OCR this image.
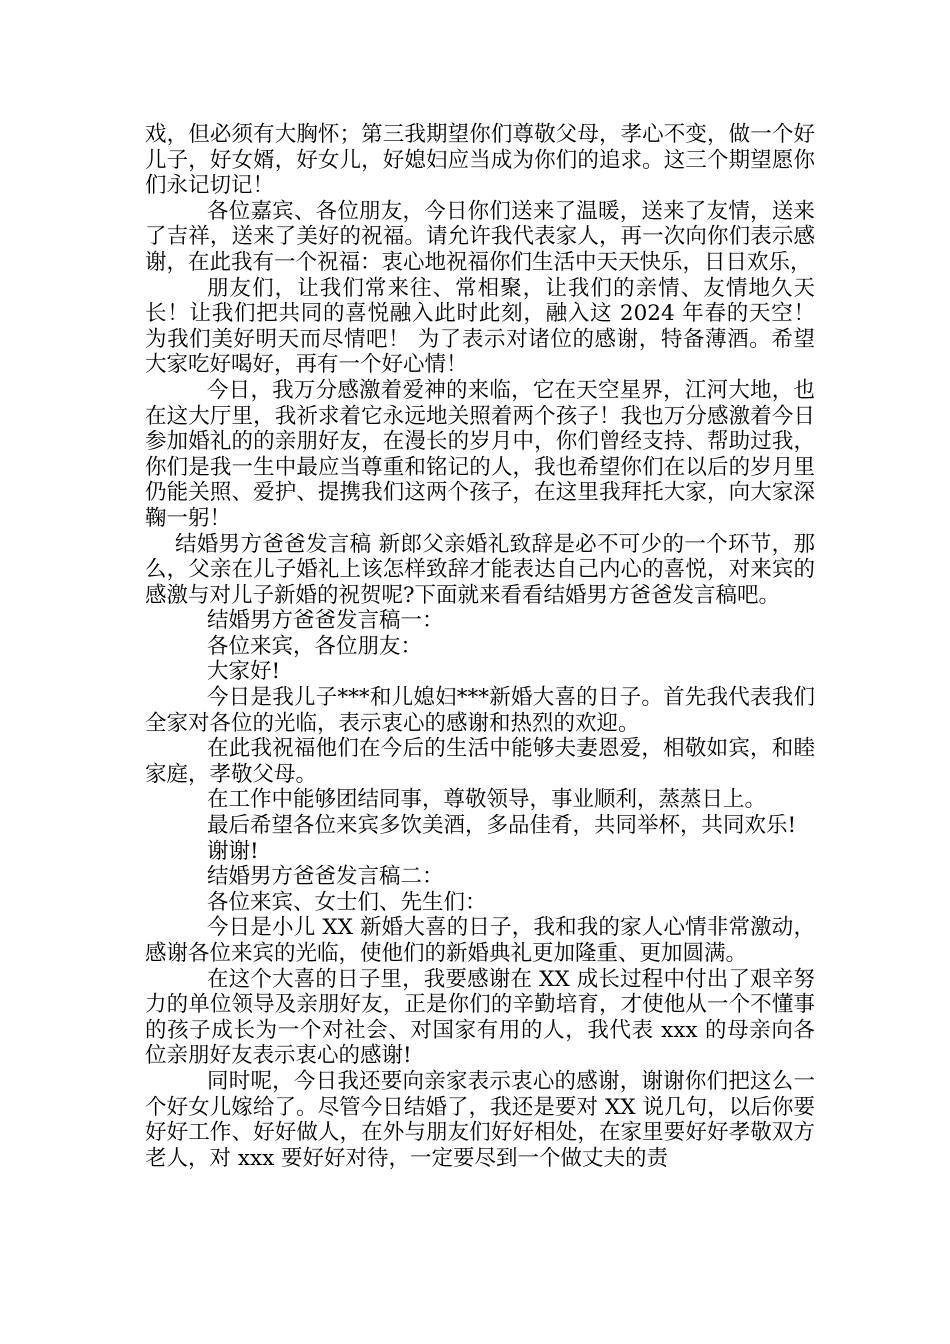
戏，但必须有大胸怀；第三我期望你们尊敬父母，孝心不变，做一个好儿子，好女婿，好女儿，好媳妇应当成为你们的追求。这三个期望愿你们永记切记！

各位嘉宾、各位朋友，今日你们送来了温暖，送来了友情，送来了吉祥，送来了美好的祝福。请允许我代表家人，再一次向你们表示感谢，在此我有一个祝福：衷心地祝福你们生活中天天快乐，日日欢乐，

朋友们，让我们常来往、常相聚，让我们的亲情、友情地久天长！让我们把共同的喜悦融入此时此刻，融入这 2024 年春的天空！为我们美好明天而尽情吧！ 为了表示对诸位的感谢，特备薄酒。希望大家吃好喝好，再有一个好心情！

今日，我万分感激着爱神的来临，它在天空星界，江河大地，也在这大厅里，我祈求着它永远地关照着两个孩子！我也万分感激着今日参加婚礼的的亲朋好友，在漫长的岁月中，你们曾经支持、帮助过我，你们是我一生中最应当尊重和铭记的人，我也希望你们在以后的岁月里仍能关照、爱护、提携我们这两个孩子，在这里我拜托大家，向大家深鞠一躬！

结婚男方爸爸发言稿 新郎父亲婚礼致辞是必不可少的一个环节，那么，父亲在儿子婚礼上该怎样致辞才能表达自己内心的喜悦，对来宾的感激与对儿子新婚的祝贺呢?下面就来看看结婚男方爸爸发言稿吧。

结婚男方爸爸发言稿一：

各位来宾，各位朋友：

大家好!

今日是我儿子***和儿媳妇***新婚大喜的日子。首先我代表我们全家对各位的光临，表示衷心的感谢和热烈的欢迎。

在此我祝福他们在今后的生活中能够夫妻恩爱，相敬如宾，和睦家庭，孝敬父母。

在工作中能够团结同事，尊敬领导，事业顺利，蒸蒸日上。

最后希望各位来宾多饮美酒，多品佳肴，共同举杯，共同欢乐!

谢谢!

结婚男方爸爸发言稿二：

各位来宾、女士们、先生们：

今日是小儿 XX 新婚大喜的日子，我和我的家人心情非常激动，感谢各位来宾的光临，使他们的新婚典礼更加隆重、更加圆满。

在这个大喜的日子里，我要感谢在 XX 成长过程中付出了艰辛努力的单位领导及亲朋好友，正是你们的辛勤培育，才使他从一个不懂事的孩子成长为一个对社会、对国家有用的人，我代表 xxx 的母亲向各位亲朋好友表示衷心的感谢!

同时呢，今日我还要向亲家表示衷心的感谢，谢谢你们把这么一个好女儿嫁给了。尽管今日结婚了，我还是要对 XX 说几句，以后你要好好工作、好好做人，在外与朋友们好好相处，在家里要好好孝敬双方老人，对 xxx 要好好对待，一定要尽到一个做丈夫的责
